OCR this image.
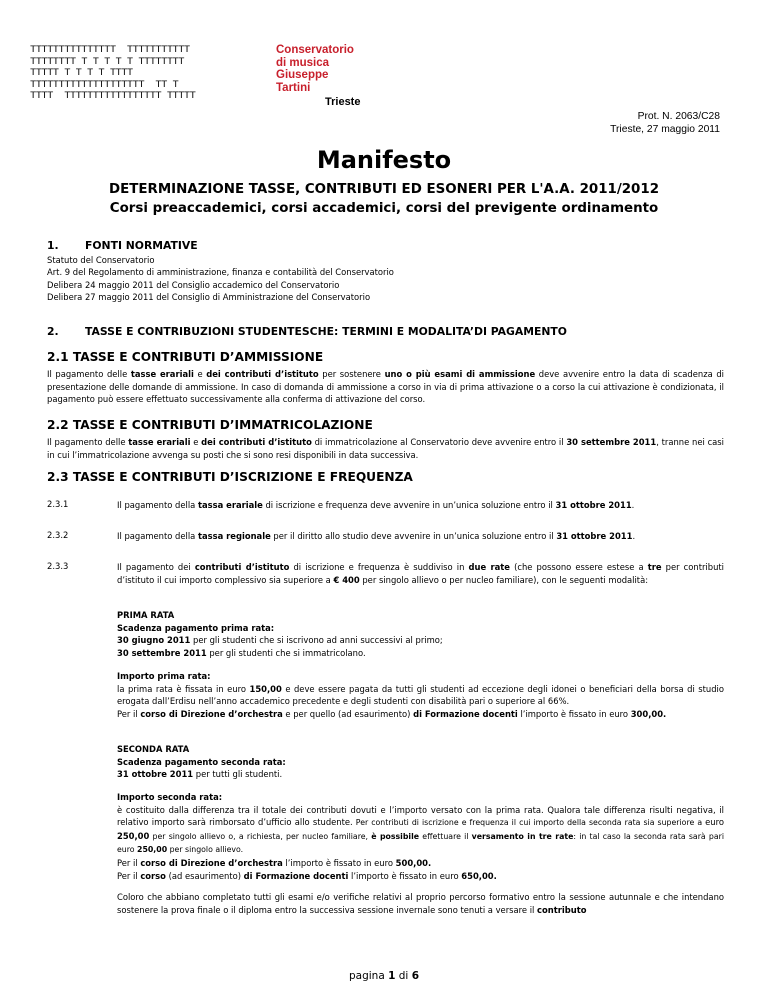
TTTTTTTTTTTTTTT  TTTTTTTTTTT
TTTTTTTT T T T T T TTTTTTTT
TTTTT T T T T TTTT
TTTTTTTTTTTTTTTTTTTT  TT T
TTTT  TTTTTTTTTTTTTTTTT TTTTT
Conservatorio
di musica
Giuseppe
Tartini
Trieste
Prot. N. 2063/C28
Trieste, 27 maggio 2011
Manifesto
DETERMINAZIONE TASSE, CONTRIBUTI ED ESONERI PER L'A.A. 2011/2012
Corsi preaccademici, corsi accademici, corsi del previgente ordinamento
1. FONTI NORMATIVE
Statuto del Conservatorio
Art. 9 del Regolamento di amministrazione, finanza e contabilità del Conservatorio
Delibera 24 maggio 2011 del Consiglio accademico del Conservatorio
Delibera 27 maggio 2011 del Consiglio di Amministrazione del Conservatorio
2. TASSE E CONTRIBUZIONI STUDENTESCHE: TERMINI E MODALITA’DI PAGAMENTO
2.1 TASSE E CONTRIBUTI D’AMMISSIONE
Il pagamento delle tasse erariali e dei contributi d’istituto per sostenere uno o più esami di ammissione deve avvenire entro la data di scadenza di presentazione delle domande di ammissione. In caso di domanda di ammissione a corso in via di prima attivazione o a corso la cui attivazione è condizionata, il pagamento può essere effettuato successivamente alla conferma di attivazione del corso.
2.2 TASSE E CONTRIBUTI D’IMMATRICOLAZIONE
Il pagamento delle tasse erariali e dei contributi d’istituto di immatricolazione al Conservatorio deve avvenire entro il 30 settembre 2011, tranne nei casi in cui l’immatricolazione avvenga su posti che si sono resi disponibili in data successiva.
2.3 TASSE E CONTRIBUTI D’ISCRIZIONE E FREQUENZA
2.3.1	Il pagamento della tassa erariale di iscrizione e frequenza deve avvenire in un’unica soluzione entro il 31 ottobre 2011.
2.3.2	Il pagamento della tassa regionale per il diritto allo studio deve avvenire in un’unica soluzione entro il 31 ottobre 2011.
2.3.3	Il pagamento dei contributi d’istituto di iscrizione e frequenza è suddiviso in due rate (che possono essere estese a tre per contributi d’istituto il cui importo complessivo sia superiore a € 400 per singolo allievo o per nucleo familiare), con le seguenti modalità:
PRIMA RATA
Scadenza pagamento prima rata:
30 giugno 2011 per gli studenti che si iscrivono ad anni successivi al primo;
30 settembre 2011 per gli studenti che si immatricolano.
Importo prima rata:
la prima rata è fissata in euro 150,00 e deve essere pagata da tutti gli studenti ad eccezione degli idonei o beneficiari della borsa di studio erogata dall’Erdisu nell’anno accademico precedente e degli studenti con disabilità pari o superiore al 66%.
Per il corso di Direzione d’orchestra e per quello (ad esaurimento) di Formazione docenti l’importo è fissato in euro 300,00.
SECONDA RATA
Scadenza pagamento seconda rata:
31 ottobre 2011 per tutti gli studenti.
Importo seconda rata:
è costituito dalla differenza tra il totale dei contributi dovuti e l’importo versato con la prima rata. Qualora tale differenza risulti negativa, il relativo importo sarà rimborsato d’ufficio allo studente. Per contributi di iscrizione e frequenza il cui importo della seconda rata sia superiore a euro 250,00 per singolo allievo o, a richiesta, per nucleo familiare, è possibile effettuare il versamento in tre rate: in tal caso la seconda rata sarà pari euro 250,00 per singolo allievo.
Per il corso di Direzione d’orchestra l’importo è fissato in euro 500,00.
Per il corso (ad esaurimento) di Formazione docenti l’importo è fissato in euro 650,00.
Coloro che abbiano completato tutti gli esami e/o verifiche relativi al proprio percorso formativo entro la sessione autunnale e che intendano sostenere la prova finale o il diploma entro la successiva sessione invernale sono tenuti a versare il contributo
pagina 1 di 6
